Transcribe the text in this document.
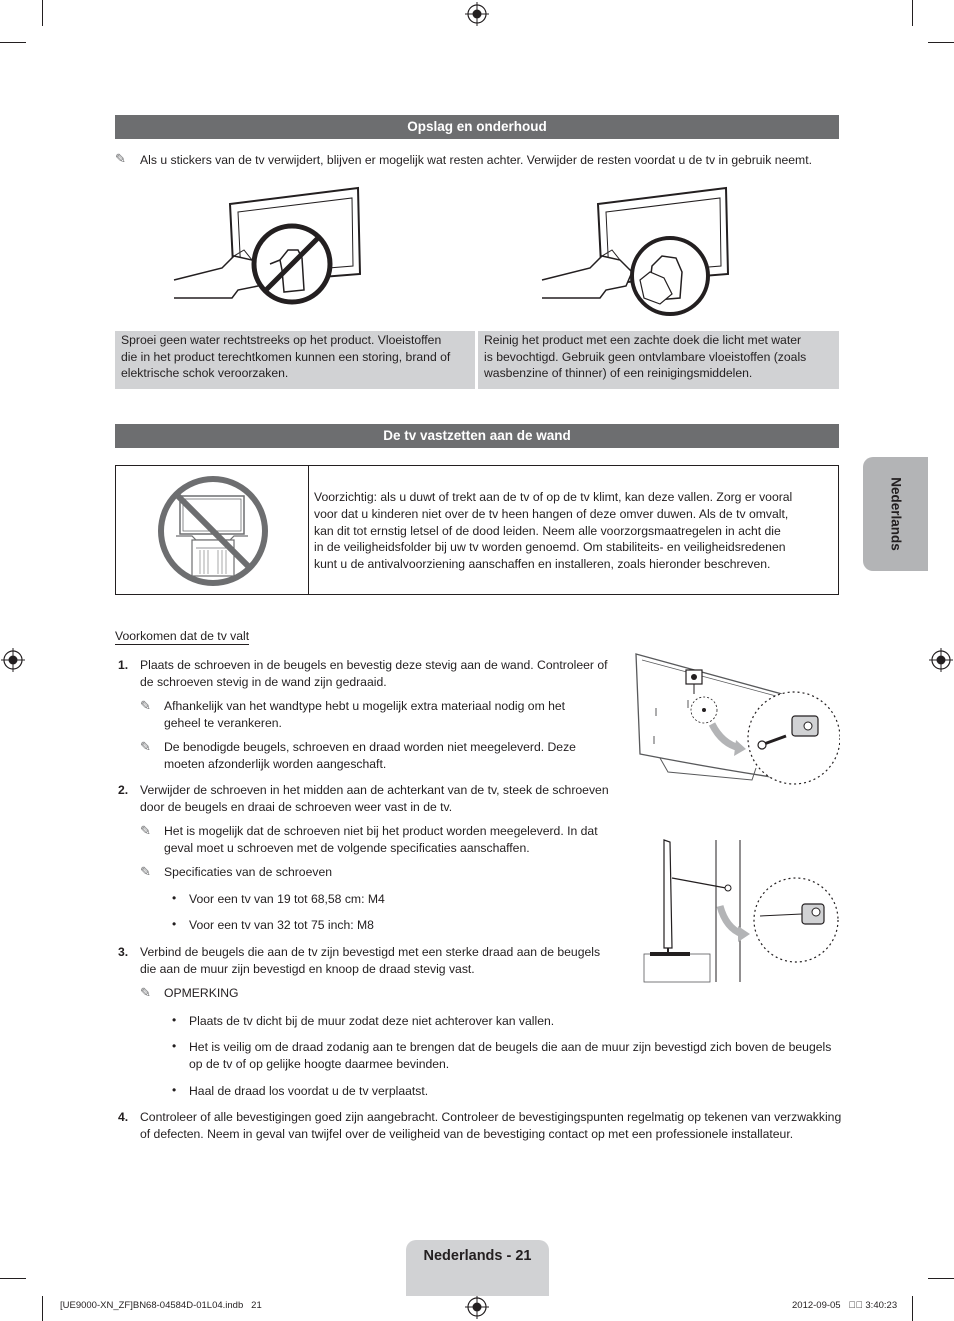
Opslag en onderhoud
✎ Als u stickers van de tv verwijdert, blijven er mogelijk wat resten achter. Verwijder de resten voordat u de tv in gebruik neemt.
Sproei geen water rechtstreeks op het product. Vloeistoffen
die in het product terechtkomen kunnen een storing, brand of
elektrische schok veroorzaken.
Reinig het product met een zachte doek die licht met water
is bevochtigd. Gebruik geen ontvlambare vloeistoffen (zoals
wasbenzine of thinner) of een reinigingsmiddelen.
De tv vastzetten aan de wand
Voorzichtig: als u duwt of trekt aan de tv of op de tv klimt, kan deze vallen. Zorg er vooral
voor dat u kinderen niet over de tv heen hangen of deze omver duwen. Als de tv omvalt,
kan dit tot ernstig letsel of de dood leiden. Neem alle voorzorgsmaatregelen in acht die
in de veiligheidsfolder bij uw tv worden genoemd. Om stabiliteits- en veiligheidsredenen
kunt u de antivalvoorziening aanschaffen en installeren, zoals hieronder beschreven.
Voorkomen dat de tv valt
1. Plaats de schroeven in de beugels en bevestig deze stevig aan de wand. Controleer of
de schroeven stevig in de wand zijn gedraaid.
✎ Afhankelijk van het wandtype hebt u mogelijk extra materiaal nodig om het
geheel te verankeren.
✎ De benodigde beugels, schroeven en draad worden niet meegeleverd. Deze
moeten afzonderlijk worden aangeschaft.
2. Verwijder de schroeven in het midden aan de achterkant van de tv, steek de schroeven
door de beugels en draai de schroeven weer vast in de tv.
✎ Het is mogelijk dat de schroeven niet bij het product worden meegeleverd. In dat
geval moet u schroeven met de volgende specificaties aanschaffen.
✎ Specificaties van de schroeven
• Voor een tv van 19 tot 68,58 cm: M4
• Voor een tv van 32 tot 75 inch: M8
3. Verbind de beugels die aan de tv zijn bevestigd met een sterke draad aan de beugels
die aan de muur zijn bevestigd en knoop de draad stevig vast.
✎ OPMERKING
• Plaats de tv dicht bij de muur zodat deze niet achterover kan vallen.
• Het is veilig om de draad zodanig aan te brengen dat de beugels die aan de muur zijn bevestigd zich boven de beugels
op de tv of op gelijke hoogte daarmee bevinden.
• Haal de draad los voordat u de tv verplaatst.
4. Controleer of alle bevestigingen goed zijn aangebracht. Controleer de bevestigingspunten regelmatig op tekenen van verzwakking
of defecten. Neem in geval van twijfel over de veiligheid van de bevestiging contact op met een professionele installateur.
Nederlands
Nederlands - 21
[UE9000-XN_ZF]BN68-04584D-01L04.indb   21	2012-09-05   ￿￿ 3:40:23
